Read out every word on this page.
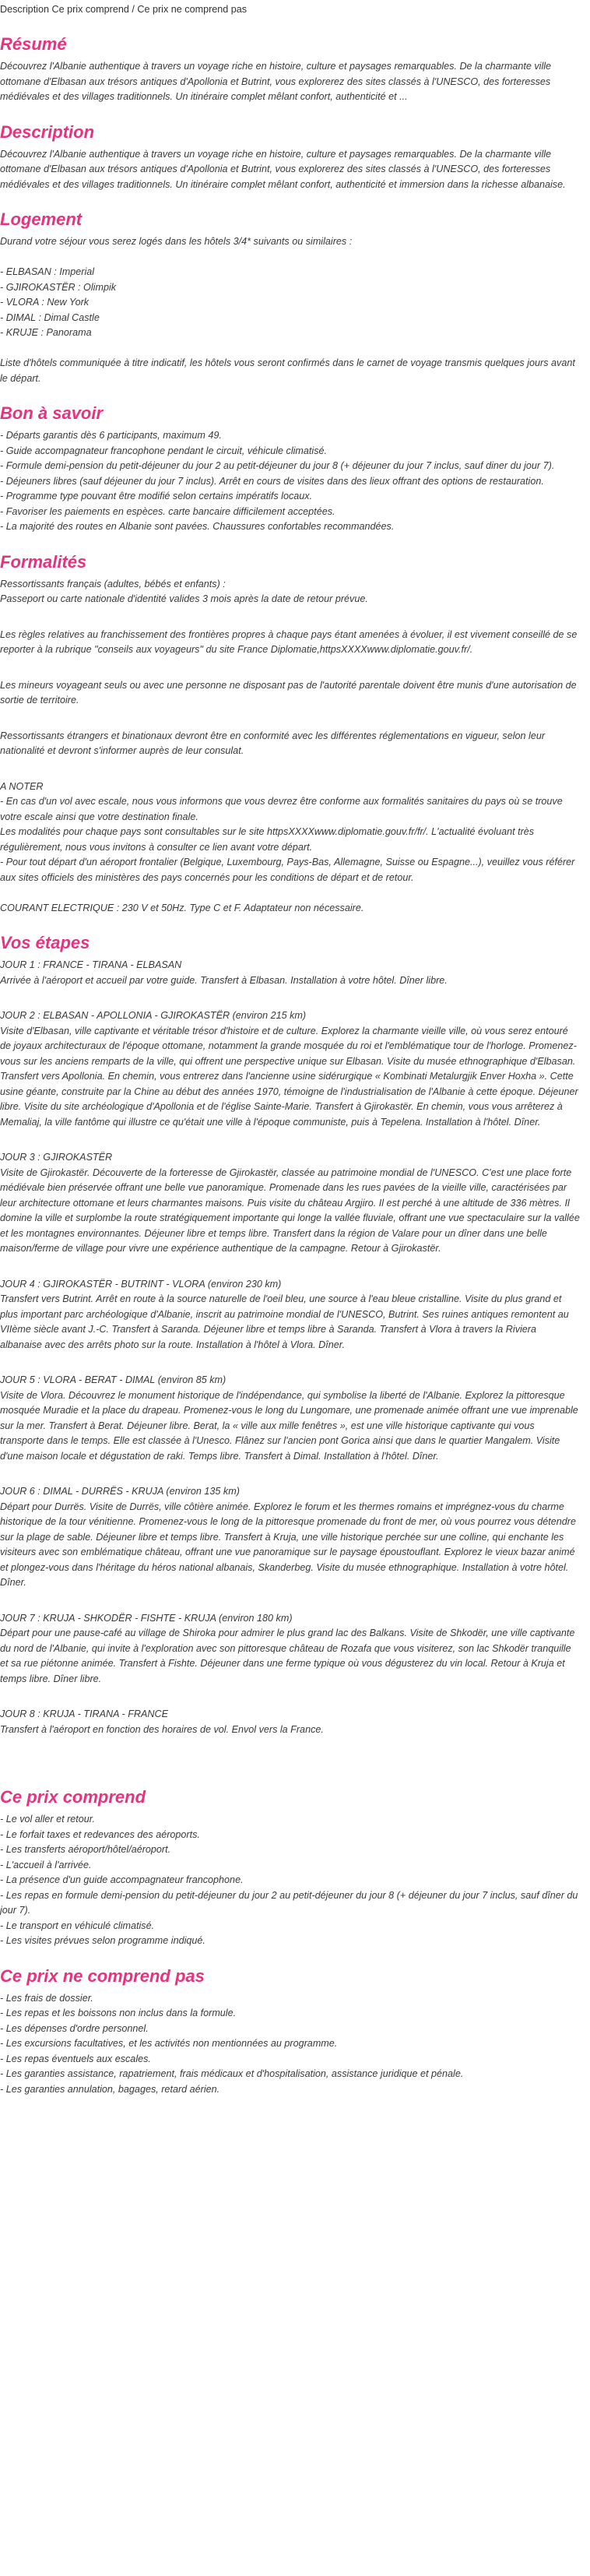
Description Ce prix comprend / Ce prix ne comprend pas
Résumé

Découvrez l'Albanie authentique à travers un voyage riche en histoire, culture et paysages remarquables. De la charmante ville ottomane d'Elbasan aux trésors antiques d'Apollonia et Butrint, vous explorerez des sites classés à l'UNESCO, des forteresses médiévales et des villages traditionnels. Un itinéraire complet mêlant confort, authenticité et ...

Description

Découvrez l'Albanie authentique à travers un voyage riche en histoire, culture et paysages remarquables. De la charmante ville ottomane d'Elbasan aux trésors antiques d'Apollonia et Butrint, vous explorerez des sites classés à l'UNESCO, des forteresses médiévales et des villages traditionnels. Un itinéraire complet mêlant confort, authenticité et immersion dans la richesse albanaise.

Logement

Durand votre séjour vous serez logés dans les hôtels 3/4* suivants ou similaires :

- ELBASAN : Imperial

- GJIROKASTËR : Olimpik

- VLORA : New York

- DIMAL : Dimal Castle

- KRUJE : Panorama

Liste d'hôtels communiquée à titre indicatif, les hôtels vous seront confirmés dans le carnet de voyage transmis quelques jours avant le départ.

Bon à savoir

- Départs garantis dès 6 participants, maximum 49.

- Guide accompagnateur francophone pendant le circuit, véhicule climatisé.

- Formule demi-pension du petit-déjeuner du jour 2 au petit-déjeuner du jour 8 (+ déjeuner du jour 7 inclus, sauf diner du jour 7).

- Déjeuners libres (sauf déjeuner du jour 7 inclus). Arrêt en cours de visites dans des lieux offrant des options de restauration.

- Programme type pouvant être modifié selon certains impératifs locaux.

- Favoriser les paiements en espèces. carte bancaire difficilement acceptées.

- La majorité des routes en Albanie sont pavées. Chaussures confortables recommandées.

Formalités

Ressortissants français (adultes, bébés et enfants) :

Passeport ou carte nationale d'identité valides 3 mois après la date de retour prévue.

Les règles relatives au franchissement des frontières propres à chaque pays étant amenées à évoluer, il est vivement conseillé de se reporter à la rubrique "conseils aux voyageurs" du site France Diplomatie,httpsXXXXwww.diplomatie.gouv.fr/.

Les mineurs voyageant seuls ou avec une personne ne disposant pas de l'autorité parentale doivent être munis d'une autorisation de sortie de territoire.

Ressortissants étrangers et binationaux devront être en conformité avec les différentes réglementations en vigueur, selon leur nationalité et devront s'informer auprès de leur consulat.

A NOTER

- En cas d'un vol avec escale, nous vous informons que vous devrez être conforme aux formalités sanitaires du pays où se trouve votre escale ainsi que votre destination finale.

Les modalités pour chaque pays sont consultables sur le site httpsXXXXwww.diplomatie.gouv.fr/fr/. L'actualité évoluant très régulièrement, nous vous invitons à consulter ce lien avant votre départ.

- Pour tout départ d'un aéroport frontalier (Belgique, Luxembourg, Pays-Bas, Allemagne, Suisse ou Espagne...), veuillez vous référer aux sites officiels des ministères des pays concernés pour les conditions de départ et de retour.

COURANT ELECTRIQUE : 230 V et 50Hz. Type C et F. Adaptateur non nécessaire.

Vos étapes

JOUR 1 : FRANCE - TIRANA - ELBASAN

Arrivée à l'aéroport et accueil par votre guide. Transfert à Elbasan. Installation à votre hôtel. Dîner libre.

JOUR 2 : ELBASAN - APOLLONIA - GJIROKASTËR (environ 215 km)

Visite d'Elbasan, ville captivante et véritable trésor d'histoire et de culture. Explorez la charmante vieille ville, où vous serez entouré de joyaux architecturaux de l'époque ottomane, notamment la grande mosquée du roi et l'emblématique tour de l'horloge. Promenez-vous sur les anciens remparts de la ville, qui offrent une perspective unique sur Elbasan. Visite du musée ethnographique d'Elbasan. Transfert vers Apollonia. En chemin, vous entrerez dans l'ancienne usine sidérurgique « Kombinati Metalurgjik Enver Hoxha ». Cette usine géante, construite par la Chine au début des années 1970, témoigne de l'industrialisation de l'Albanie à cette époque. Déjeuner libre. Visite du site archéologique d'Apollonia et de l'église Sainte-Marie. Transfert à Gjirokastër. En chemin, vous vous arrêterez à Memaliaj, la ville fantôme qui illustre ce qu'était une ville à l'époque communiste, puis à Tepelena. Installation à l'hôtel. Dîner.

JOUR 3 : GJIROKASTËR

Visite de Gjirokastër. Découverte de la forteresse de Gjirokastër, classée au patrimoine mondial de l'UNESCO. C'est une place forte médiévale bien préservée offrant une belle vue panoramique. Promenade dans les rues pavées de la vieille ville, caractérisées par leur architecture ottomane et leurs charmantes maisons. Puis visite du château Argjiro. Il est perché à une altitude de 336 mètres. Il domine la ville et surplombe la route stratégiquement importante qui longe la vallée fluviale, offrant une vue spectaculaire sur la vallée et les montagnes environnantes. Déjeuner libre et temps libre. Transfert dans la région de Valare pour un dîner dans une belle maison/ferme de village pour vivre une expérience authentique de la campagne. Retour à Gjirokastër.

JOUR 4 : GJIROKASTËR - BUTRINT - VLORA (environ 230 km)

Transfert vers Butrint. Arrêt en route à la source naturelle de l'oeil bleu, une source à l'eau bleue cristalline. Visite du plus grand et plus important parc archéologique d'Albanie, inscrit au patrimoine mondial de l'UNESCO, Butrint. Ses ruines antiques remontent au VIIème siècle avant J.-C. Transfert à Saranda. Déjeuner libre et temps libre à Saranda. Transfert à Vlora à travers la Riviera albanaise avec des arrêts photo sur la route. Installation à l'hôtel à Vlora. Dîner.

JOUR 5 : VLORA - BERAT - DIMAL (environ 85 km)

Visite de Vlora. Découvrez le monument historique de l'indépendance, qui symbolise la liberté de l'Albanie. Explorez la pittoresque mosquée Muradie et la place du drapeau. Promenez-vous le long du Lungomare, une promenade animée offrant une vue imprenable sur la mer. Transfert à Berat. Déjeuner libre. Berat, la « ville aux mille fenêtres », est une ville historique captivante qui vous transporte dans le temps. Elle est classée à l'Unesco. Flânez sur l'ancien pont Gorica ainsi que dans le quartier Mangalem. Visite d'une maison locale et dégustation de raki. Temps libre. Transfert à Dimal. Installation à l'hôtel. Dîner.

JOUR 6 : DIMAL - DURRËS - KRUJA (environ 135 km)

Départ pour Durrës. Visite de Durrës, ville côtière animée. Explorez le forum et les thermes romains et imprégnez-vous du charme historique de la tour vénitienne. Promenez-vous le long de la pittoresque promenade du front de mer, où vous pourrez vous détendre sur la plage de sable. Déjeuner libre et temps libre. Transfert à Kruja, une ville historique perchée sur une colline, qui enchante les visiteurs avec son emblématique château, offrant une vue panoramique sur le paysage époustouflant. Explorez le vieux bazar animé et plongez-vous dans l'héritage du héros national albanais, Skanderbeg. Visite du musée ethnographique. Installation à votre hôtel. Dîner.

JOUR 7 : KRUJA - SHKODËR - FISHTE - KRUJA (environ 180 km)

Départ pour une pause-café au village de Shiroka pour admirer le plus grand lac des Balkans. Visite de Shkodër, une ville captivante du nord de l'Albanie, qui invite à l'exploration avec son pittoresque château de Rozafa que vous visiterez, son lac Shkodër tranquille et sa rue piétonne animée. Transfert à Fishte. Déjeuner dans une ferme typique où vous dégusterez du vin local. Retour à Kruja et temps libre. Dîner libre.

JOUR 8 : KRUJA - TIRANA - FRANCE

Transfert à l'aéroport en fonction des horaires de vol. Envol vers la France.

Ce prix comprend

- Le vol aller et retour.

- Le forfait taxes et redevances des aéroports.

- Les transferts aéroport/hôtel/aéroport.

- L'accueil à l'arrivée.

- La présence d'un guide accompagnateur francophone.

- Les repas en formule demi-pension du petit-déjeuner du jour 2 au petit-déjeuner du jour 8 (+ déjeuner du jour 7 inclus, sauf dîner du jour 7).

- Le transport en véhiculé climatisé.

- Les visites prévues selon programme indiqué.

Ce prix ne comprend pas

- Les frais de dossier.

- Les repas et les boissons non inclus dans la formule.

- Les dépenses d'ordre personnel.

- Les excursions facultatives, et les activités non mentionnées au programme.

- Les repas éventuels aux escales.

- Les garanties assistance, rapatriement, frais médicaux et d'hospitalisation, assistance juridique et pénale.

- Les garanties annulation, bagages, retard aérien.
